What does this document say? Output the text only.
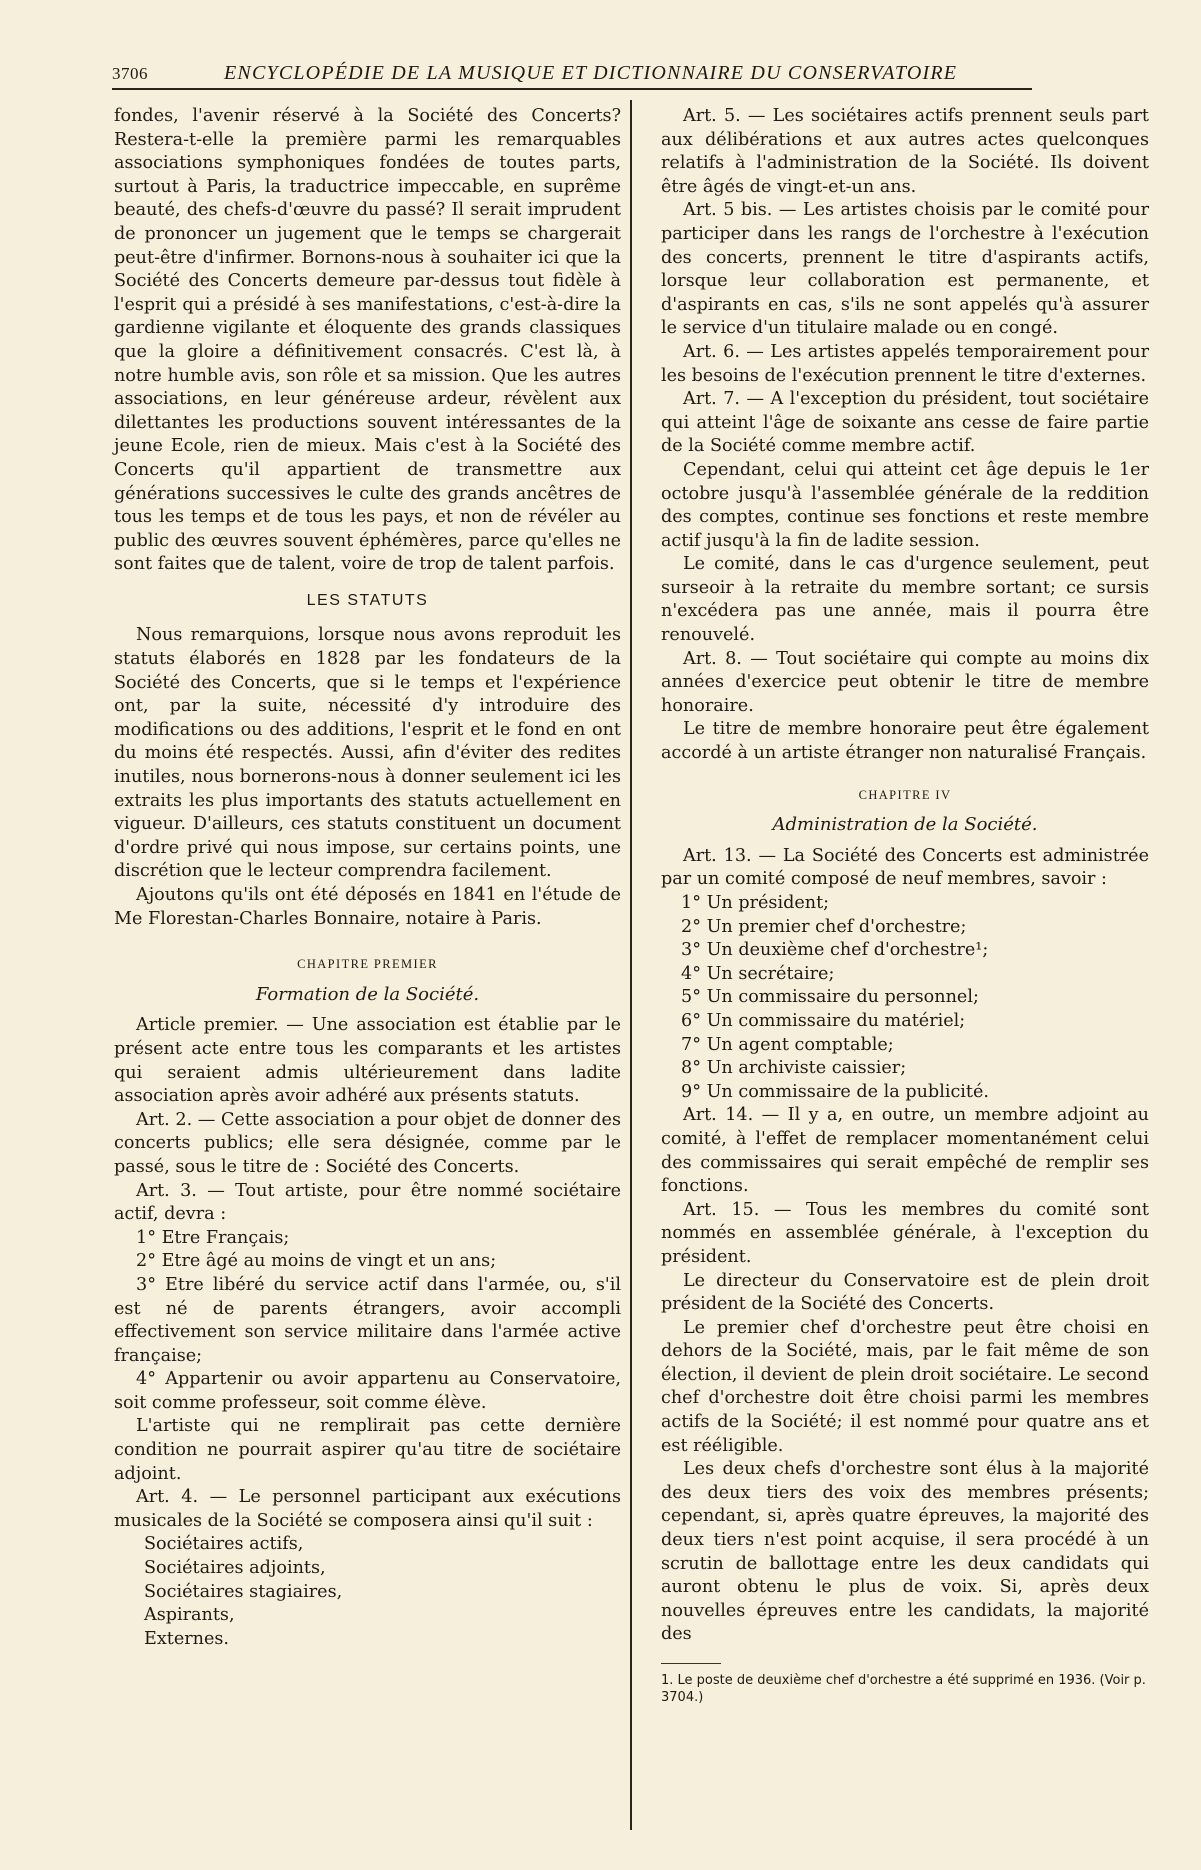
3706	ENCYCLOPÉDIE DE LA MUSIQUE ET DICTIONNAIRE DU CONSERVATOIRE

fondes, l'avenir réservé à la Société des Concerts? Restera-t-elle la première parmi les remarquables associations symphoniques fondées de toutes parts, surtout à Paris, la traductrice impeccable, en suprême beauté, des chefs-d'œuvre du passé? Il serait imprudent de prononcer un jugement que le temps se chargerait peut-être d'infirmer. Bornons-nous à souhaiter ici que la Société des Concerts demeure par-dessus tout fidèle à l'esprit qui a présidé à ses manifestations, c'est-à-dire la gardienne vigilante et éloquente des grands classiques que la gloire a définitivement consacrés. C'est là, à notre humble avis, son rôle et sa mission. Que les autres associations, en leur généreuse ardeur, révèlent aux dilettantes les productions souvent intéressantes de la jeune Ecole, rien de mieux. Mais c'est à la Société des Concerts qu'il appartient de transmettre aux générations successives le culte des grands ancêtres de tous les temps et de tous les pays, et non de révéler au public des œuvres souvent éphémères, parce qu'elles ne sont faites que de talent, voire de trop de talent parfois.

LES STATUTS

Nous remarquions, lorsque nous avons reproduit les statuts élaborés en 1828 par les fondateurs de la Société des Concerts, que si le temps et l'expérience ont, par la suite, nécessité d'y introduire des modifications ou des additions, l'esprit et le fond en ont du moins été respectés. Aussi, afin d'éviter des redites inutiles, nous bornerons-nous à donner seulement ici les extraits les plus importants des statuts actuellement en vigueur. D'ailleurs, ces statuts constituent un document d'ordre privé qui nous impose, sur certains points, une discrétion que le lecteur comprendra facilement.

Ajoutons qu'ils ont été déposés en 1841 en l'étude de Me Florestan-Charles Bonnaire, notaire à Paris.

CHAPITRE PREMIER
Formation de la Société.

Article premier. — Une association est établie par le présent acte entre tous les comparants et les artistes qui seraient admis ultérieurement dans ladite association après avoir adhéré aux présents statuts.

Art. 2. — Cette association a pour objet de donner des concerts publics; elle sera désignée, comme par le passé, sous le titre de : Société des Concerts.

Art. 3. — Tout artiste, pour être nommé sociétaire actif, devra :

1° Etre Français;

2° Etre âgé au moins de vingt et un ans;

3° Etre libéré du service actif dans l'armée, ou, s'il est né de parents étrangers, avoir accompli effectivement son service militaire dans l'armée active française;

4° Appartenir ou avoir appartenu au Conservatoire, soit comme professeur, soit comme élève.

L'artiste qui ne remplirait pas cette dernière condition ne pourrait aspirer qu'au titre de sociétaire adjoint.

Art. 4. — Le personnel participant aux exécutions musicales de la Société se composera ainsi qu'il suit :

Sociétaires actifs,

Sociétaires adjoints,

Sociétaires stagiaires,

Aspirants,

Externes.

Art. 5. — Les sociétaires actifs prennent seuls part aux délibérations et aux autres actes quelconques relatifs à l'administration de la Société. Ils doivent être âgés de vingt-et-un ans.

Art. 5 bis. — Les artistes choisis par le comité pour participer dans les rangs de l'orchestre à l'exécution des concerts, prennent le titre d'aspirants actifs, lorsque leur collaboration est permanente, et d'aspirants en cas, s'ils ne sont appelés qu'à assurer le service d'un titulaire malade ou en congé.

Art. 6. — Les artistes appelés temporairement pour les besoins de l'exécution prennent le titre d'externes.

Art. 7. — A l'exception du président, tout sociétaire qui atteint l'âge de soixante ans cesse de faire partie de la Société comme membre actif.

Cependant, celui qui atteint cet âge depuis le 1er octobre jusqu'à l'assemblée générale de la reddition des comptes, continue ses fonctions et reste membre actif jusqu'à la fin de ladite session.

Le comité, dans le cas d'urgence seulement, peut surseoir à la retraite du membre sortant; ce sursis n'excédera pas une année, mais il pourra être renouvelé.

Art. 8. — Tout sociétaire qui compte au moins dix années d'exercice peut obtenir le titre de membre honoraire.

Le titre de membre honoraire peut être également accordé à un artiste étranger non naturalisé Français.

CHAPITRE IV
Administration de la Société.

Art. 13. — La Société des Concerts est administrée par un comité composé de neuf membres, savoir :

1° Un président;

2° Un premier chef d'orchestre;

3° Un deuxième chef d'orchestre¹;

4° Un secrétaire;

5° Un commissaire du personnel;

6° Un commissaire du matériel;

7° Un agent comptable;

8° Un archiviste caissier;

9° Un commissaire de la publicité.

Art. 14. — Il y a, en outre, un membre adjoint au comité, à l'effet de remplacer momentanément celui des commissaires qui serait empêché de remplir ses fonctions.

Art. 15. — Tous les membres du comité sont nommés en assemblée générale, à l'exception du président.

Le directeur du Conservatoire est de plein droit président de la Société des Concerts.

Le premier chef d'orchestre peut être choisi en dehors de la Société, mais, par le fait même de son élection, il devient de plein droit sociétaire. Le second chef d'orchestre doit être choisi parmi les membres actifs de la Société; il est nommé pour quatre ans et est rééligible.

Les deux chefs d'orchestre sont élus à la majorité des deux tiers des voix des membres présents; cependant, si, après quatre épreuves, la majorité des deux tiers n'est point acquise, il sera procédé à un scrutin de ballottage entre les deux candidats qui auront obtenu le plus de voix. Si, après deux nouvelles épreuves entre les candidats, la majorité des

1. Le poste de deuxième chef d'orchestre a été supprimé en 1936. (Voir p. 3704.)
